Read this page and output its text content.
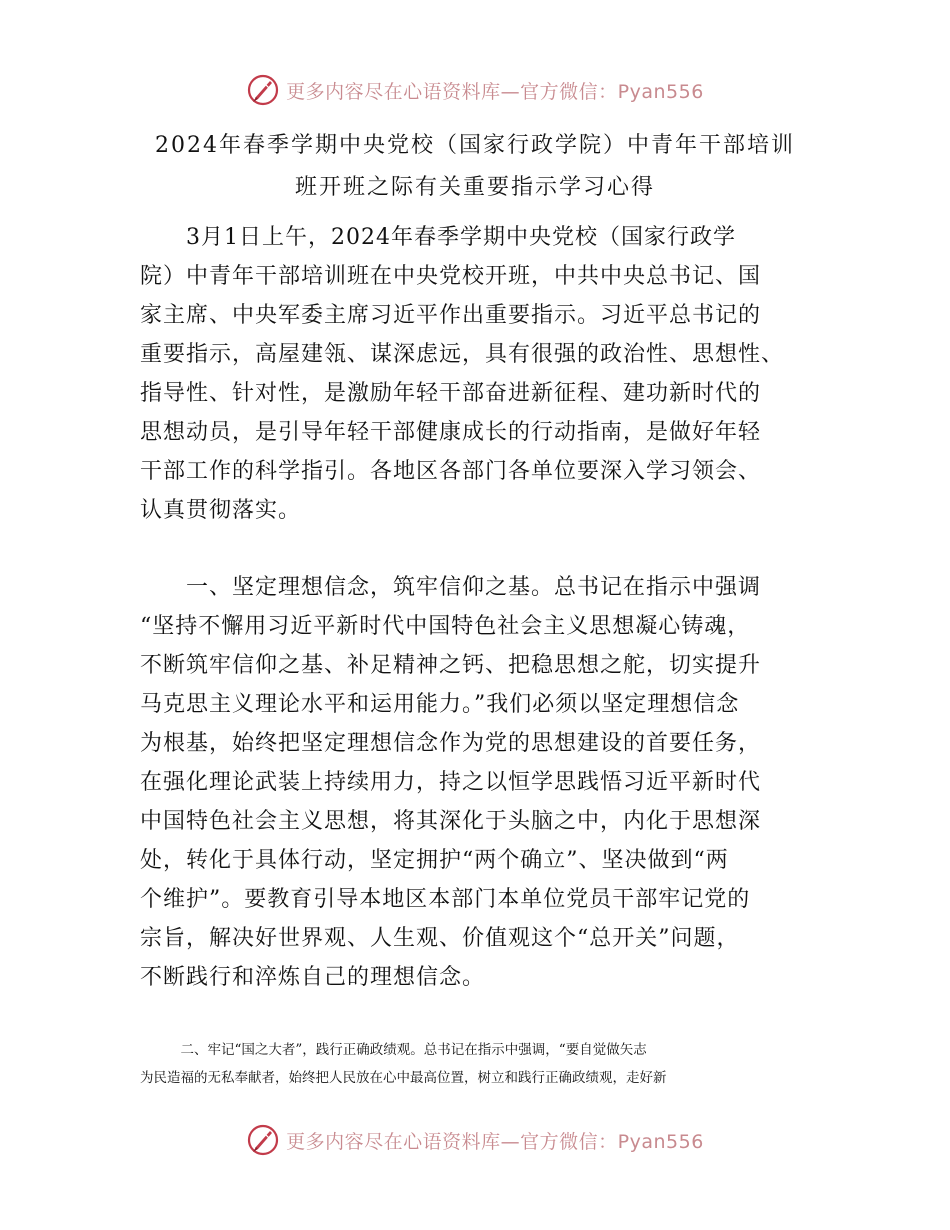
更多内容尽在心语资料库—官方微信：Pyan556
2024年春季学期中央党校（国家行政学院）中青年干部培训
班开班之际有关重要指示学习心得
　　3月1日上午，2024年春季学期中央党校（国家行政学
院）中青年干部培训班在中央党校开班，中共中央总书记、国
家主席、中央军委主席习近平作出重要指示。习近平总书记的
重要指示，高屋建瓴、谋深虑远，具有很强的政治性、思想性、
指导性、针对性，是激励年轻干部奋进新征程、建功新时代的
思想动员，是引导年轻干部健康成长的行动指南，是做好年轻
干部工作的科学指引。各地区各部门各单位要深入学习领会、
认真贯彻落实。
　　一、坚定理想信念，筑牢信仰之基。总书记在指示中强调
“坚持不懈用习近平新时代中国特色社会主义思想凝心铸魂，
不断筑牢信仰之基、补足精神之钙、把稳思想之舵，切实提升
马克思主义理论水平和运用能力。”我们必须以坚定理想信念
为根基，始终把坚定理想信念作为党的思想建设的首要任务，
在强化理论武装上持续用力，持之以恒学思践悟习近平新时代
中国特色社会主义思想，将其深化于头脑之中，内化于思想深
处，转化于具体行动，坚定拥护“两个确立”、坚决做到“两
个维护”。要教育引导本地区本部门本单位党员干部牢记党的
宗旨，解决好世界观、人生观、价值观这个“总开关”问题，
不断践行和淬炼自己的理想信念。
　　　二、牢记“国之大者”，践行正确政绩观。总书记在指示中强调，“要自觉做矢志
为民造福的无私奉献者，始终把人民放在心中最高位置，树立和践行正确政绩观，走好新
更多内容尽在心语资料库—官方微信：Pyan556
